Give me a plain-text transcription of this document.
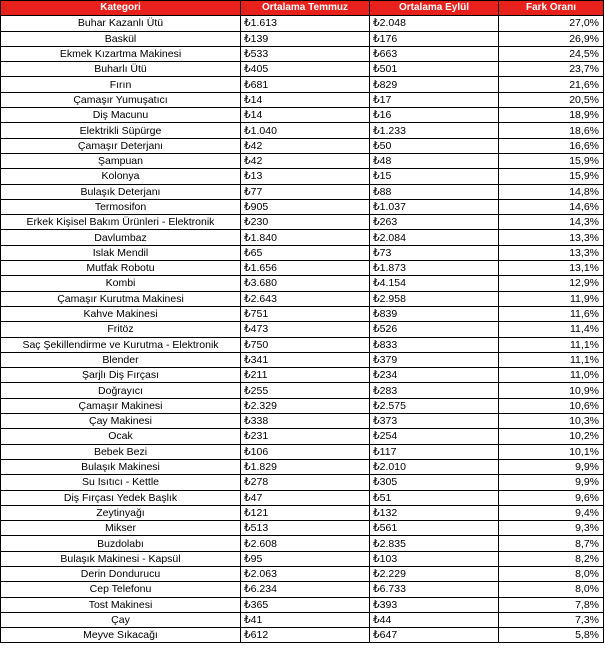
Kategori	Ortalama Temmuz	Ortalama Eylül	Fark Oranı
Buhar Kazanlı Ütü	₺1.613	₺2.048	27,0%
Baskül	₺139	₺176	26,9%
Ekmek Kızartma Makinesi	₺533	₺663	24,5%
Buharlı Ütü	₺405	₺501	23,7%
Fırın	₺681	₺829	21,6%
Çamaşır Yumuşatıcı	₺14	₺17	20,5%
Diş Macunu	₺14	₺16	18,9%
Elektrikli Süpürge	₺1.040	₺1.233	18,6%
Çamaşır Deterjanı	₺42	₺50	16,6%
Şampuan	₺42	₺48	15,9%
Kolonya	₺13	₺15	15,9%
Bulaşık Deterjanı	₺77	₺88	14,8%
Termosifon	₺905	₺1.037	14,6%
Erkek Kişisel Bakım Ürünleri - Elektronik	₺230	₺263	14,3%
Davlumbaz	₺1.840	₺2.084	13,3%
Islak Mendil	₺65	₺73	13,3%
Mutfak Robotu	₺1.656	₺1.873	13,1%
Kombi	₺3.680	₺4.154	12,9%
Çamaşır Kurutma Makinesi	₺2.643	₺2.958	11,9%
Kahve Makinesi	₺751	₺839	11,6%
Fritöz	₺473	₺526	11,4%
Saç Şekillendirme ve Kurutma - Elektronik	₺750	₺833	11,1%
Blender	₺341	₺379	11,1%
Şarjlı Diş Fırçası	₺211	₺234	11,0%
Doğrayıcı	₺255	₺283	10,9%
Çamaşır Makinesi	₺2.329	₺2.575	10,6%
Çay Makinesi	₺338	₺373	10,3%
Ocak	₺231	₺254	10,2%
Bebek Bezi	₺106	₺117	10,1%
Bulaşık Makinesi	₺1.829	₺2.010	9,9%
Su Isıtıcı - Kettle	₺278	₺305	9,9%
Diş Fırçası Yedek Başlık	₺47	₺51	9,6%
Zeytinyağı	₺121	₺132	9,4%
Mikser	₺513	₺561	9,3%
Buzdolabı	₺2.608	₺2.835	8,7%
Bulaşık Makinesi - Kapsül	₺95	₺103	8,2%
Derin Dondurucu	₺2.063	₺2.229	8,0%
Cep Telefonu	₺6.234	₺6.733	8,0%
Tost Makinesi	₺365	₺393	7,8%
Çay	₺41	₺44	7,3%
Meyve Sıkacağı	₺612	₺647	5,8%
